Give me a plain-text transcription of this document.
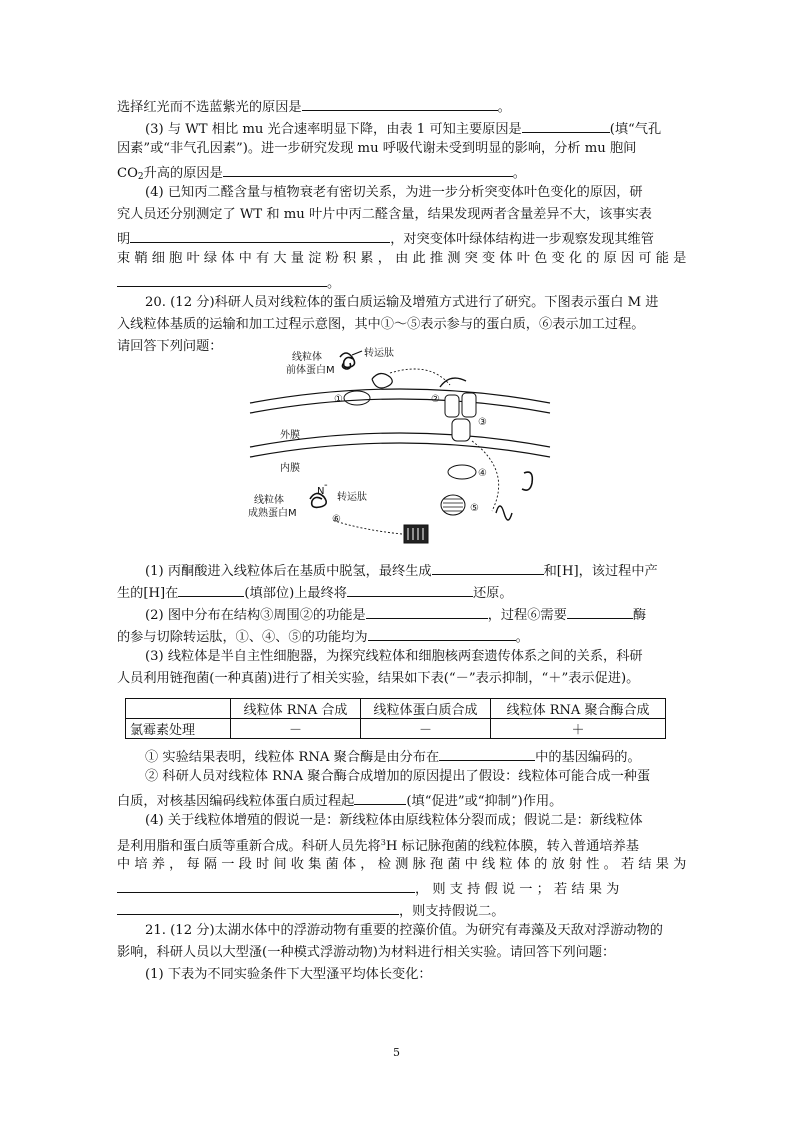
选择红光而不选蓝紫光的原因是	。
(3) 与 WT 相比 mu 光合速率明显下降，由表 1 可知主要原因是	(填“气孔
因素”或“非气孔因素”)。进一步研究发现 mu 呼吸代谢未受到明显的影响，分析 mu 胞间
$CO_2$升高的原因是	。
(4) 已知丙二醛含量与植物衰老有密切关系，为进一步分析突变体叶色变化的原因，研
究人员还分别测定了 WT 和 mu 叶片中丙二醛含量，结果发现两者含量差异不大，该事实表
明	，对突变体叶绿体结构进一步观察发现其维管
束 鞘 细 胞 叶 绿 体 中 有 大 量 淀 粉 积 累 ， 由 此 推 测 突 变 体 叶 色 变 化 的 原 因 可 能 是
。
20. (12 分)科研人员对线粒体的蛋白质运输及增殖方式进行了研究。下图表示蛋白 M 进
入线粒体基质的运输和加工过程示意图，其中①～⑤表示参与的蛋白质，⑥表示加工过程。
请回答下列问题：
线粒体
前体蛋白M
转运肽
①	②
③
外膜
内膜	④
⑤
N
-
转运肽
线粒体
成熟蛋白M
⑥
(1) 丙酮酸进入线粒体后在基质中脱氢，最终生成	和[H]，该过程中产
生的[H]在	(填部位)上最终将	还原。
(2) 图中分布在结构③周围②的功能是	，过程⑥需要	酶
的参与切除转运肽，①、④、⑤的功能均为	。
(3) 线粒体是半自主性细胞器，为探究线粒体和细胞核两套遗传体系之间的关系，科研
人员利用链孢菌(一种真菌)进行了相关实验，结果如下表(“－”表示抑制，“＋”表示促进)。
	线粒体 RNA 合成	线粒体蛋白质合成	线粒体 RNA 聚合酶合成
氯霉素处理	－	－	＋
① 实验结果表明，线粒体 RNA 聚合酶是由分布在	中的基因编码的。
② 科研人员对线粒体 RNA 聚合酶合成增加的原因提出了假设：线粒体可能合成一种蛋
白质，对核基因编码线粒体蛋白质过程起	(填“促进”或“抑制”)作用。
(4) 关于线粒体增殖的假说一是：新线粒体由原线粒体分裂而成；假说二是：新线粒体
是利用脂和蛋白质等重新合成。科研人员先将$^3$H 标记脉孢菌的线粒体膜，转入普通培养基
中 培 养 ， 每 隔 一 段 时 间 收 集 菌 体 ， 检 测 脉 孢 菌 中 线 粒 体 的 放 射 性 。 若 结 果 为
， 则 支 持 假 说 一 ； 若 结 果 为
，则支持假说二。
21. (12 分)太湖水体中的浮游动物有重要的控藻价值。为研究有毒藻及天敌对浮游动物的
影响，科研人员以大型溞(一种模式浮游动物)为材料进行相关实验。请回答下列问题：
(1) 下表为不同实验条件下大型溞平均体长变化：
5
